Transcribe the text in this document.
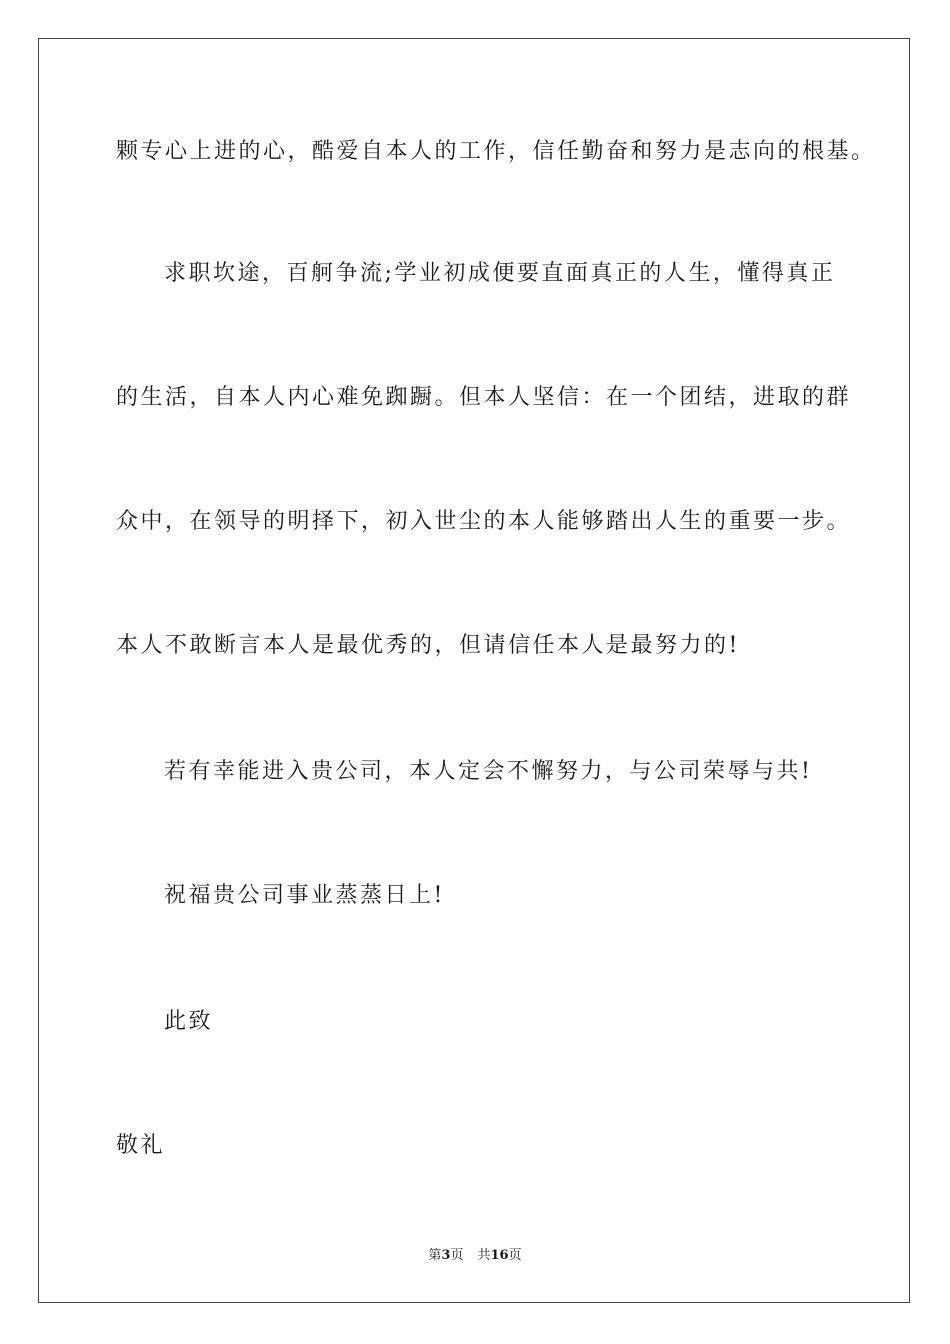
颗专心上进的心，酷爱自本人的工作，信任勤奋和努力是志向的根基。
求职坎途，百舸争流;学业初成便要直面真正的人生，懂得真正
的生活，自本人内心难免踟蹰。但本人坚信：在一个团结，进取的群
众中，在领导的明择下，初入世尘的本人能够踏出人生的重要一步。
本人不敢断言本人是最优秀的，但请信任本人是最努力的!
若有幸能进入贵公司，本人定会不懈努力，与公司荣辱与共!
祝福贵公司事业蒸蒸日上!
此致
敬礼
第3页 共16页
